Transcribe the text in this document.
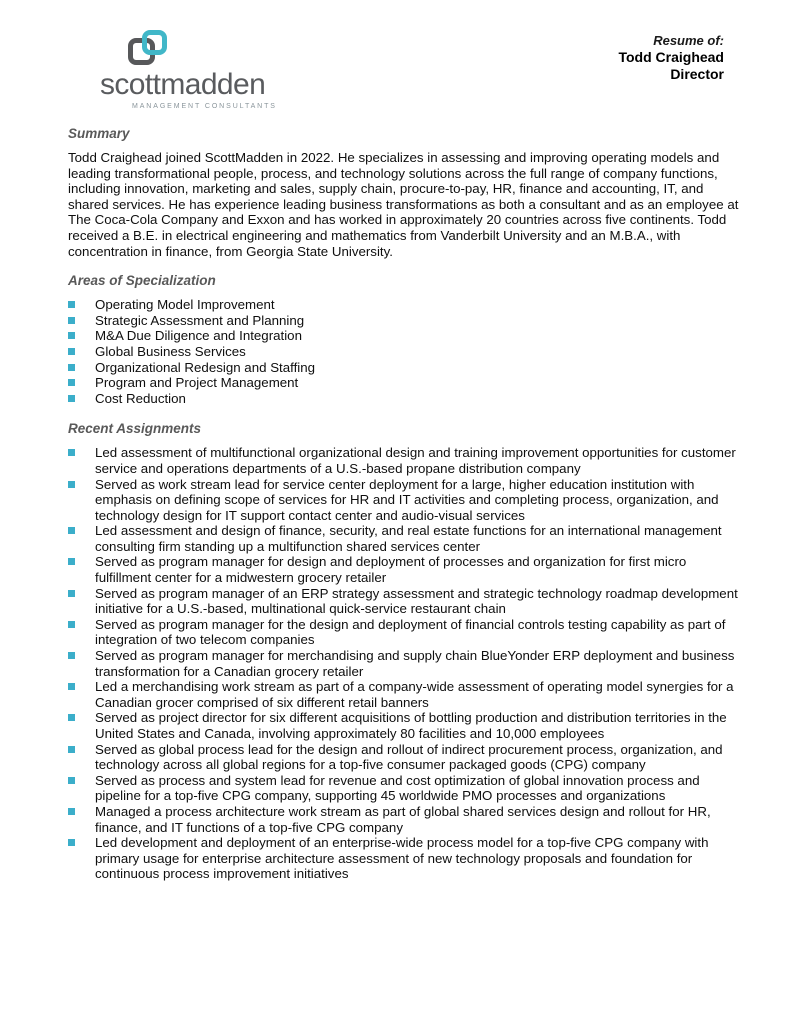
scottmadden
MANAGEMENT CONSULTANTS
Resume of:
Todd Craighead
Director
Summary

Todd Craighead joined ScottMadden in 2022. He specializes in assessing and improving operating models and leading transformational people, process, and technology solutions across the full range of company functions, including innovation, marketing and sales, supply chain, procure-to-pay, HR, finance and accounting, IT, and shared services. He has experience leading business transformations as both a consultant and as an employee at The Coca-Cola Company and Exxon and has worked in approximately 20 countries across five continents. Todd received a B.E. in electrical engineering and mathematics from Vanderbilt University and an M.B.A., with concentration in finance, from Georgia State University.

Areas of Specialization
Operating Model Improvement
Strategic Assessment and Planning
M&A Due Diligence and Integration
Global Business Services
Organizational Redesign and Staffing
Program and Project Management
Cost Reduction
Recent Assignments
Led assessment of multifunctional organizational design and training improvement opportunities for customer service and operations departments of a U.S.-based propane distribution company
Served as work stream lead for service center deployment for a large, higher education institution with emphasis on defining scope of services for HR and IT activities and completing process, organization, and technology design for IT support contact center and audio-visual services
Led assessment and design of finance, security, and real estate functions for an international management consulting firm standing up a multifunction shared services center
Served as program manager for design and deployment of processes and organization for first micro fulfillment center for a midwestern grocery retailer
Served as program manager of an ERP strategy assessment and strategic technology roadmap development initiative for a U.S.-based, multinational quick-service restaurant chain
Served as program manager for the design and deployment of financial controls testing capability as part of integration of two telecom companies
Served as program manager for merchandising and supply chain BlueYonder ERP deployment and business transformation for a Canadian grocery retailer
Led a merchandising work stream as part of a company-wide assessment of operating model synergies for a Canadian grocer comprised of six different retail banners
Served as project director for six different acquisitions of bottling production and distribution territories in the United States and Canada, involving approximately 80 facilities and 10,000 employees
Served as global process lead for the design and rollout of indirect procurement process, organization, and technology across all global regions for a top-five consumer packaged goods (CPG) company
Served as process and system lead for revenue and cost optimization of global innovation process and pipeline for a top-five CPG company, supporting 45 worldwide PMO processes and organizations
Managed a process architecture work stream as part of global shared services design and rollout for HR, finance, and IT functions of a top-five CPG company
Led development and deployment of an enterprise-wide process model for a top-five CPG company with primary usage for enterprise architecture assessment of new technology proposals and foundation for continuous process improvement initiatives
